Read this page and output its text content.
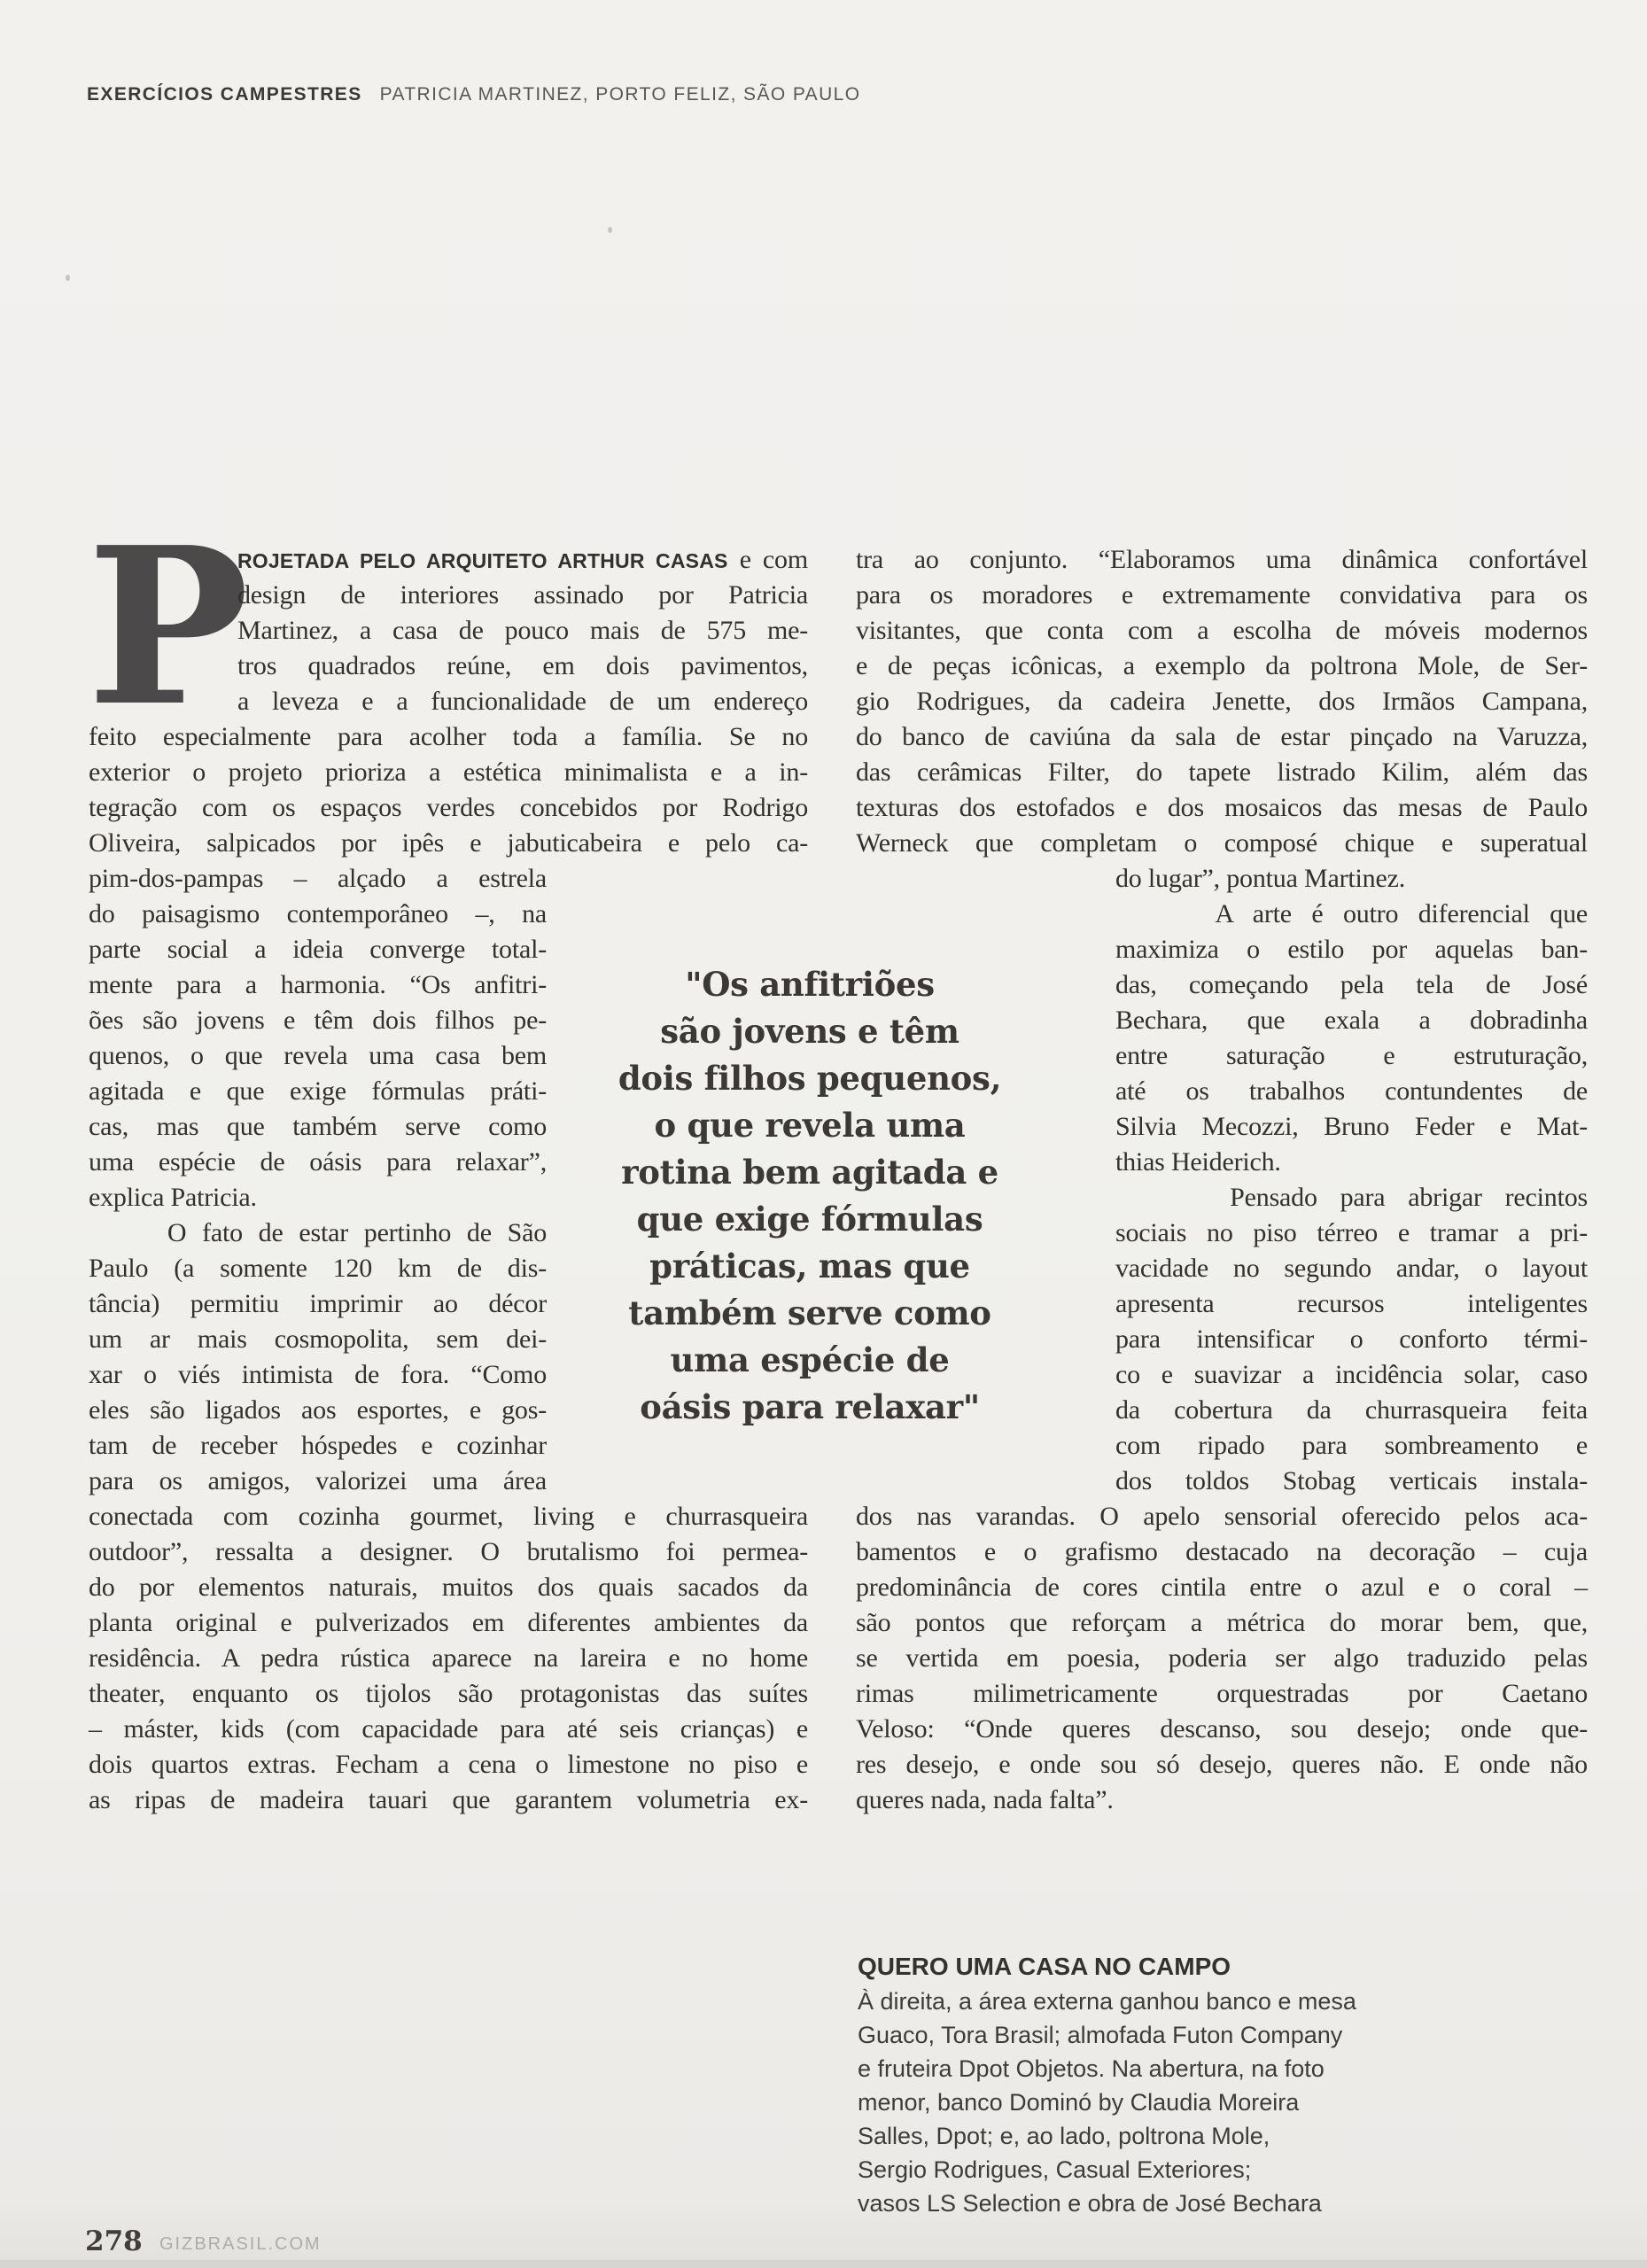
EXERCÍCIOS CAMPESTRES PATRICIA MARTINEZ, PORTO FELIZ, SÃO PAULO
P
ROJETADA PELO ARQUITETO ARTHUR CASAS e com
design de interiores assinado por Patricia
Martinez, a casa de pouco mais de 575 me-
tros quadrados reúne, em dois pavimentos,
a leveza e a funcionalidade de um endereço
feito especialmente para acolher toda a família. Se no
exterior o projeto prioriza a estética minimalista e a in-
tegração com os espaços verdes concebidos por Rodrigo
Oliveira, salpicados por ipês e jabuticabeira e pelo ca-
pim-dos-pampas – alçado a estrela
do paisagismo contemporâneo –, na
parte social a ideia converge total-
mente para a harmonia. “Os anfitri-
ões são jovens e têm dois filhos pe-
quenos, o que revela uma casa bem
agitada e que exige fórmulas práti-
cas, mas que também serve como
uma espécie de oásis para relaxar”,
explica Patricia.
O fato de estar pertinho de São
Paulo (a somente 120 km de dis-
tância) permitiu imprimir ao décor
um ar mais cosmopolita, sem dei-
xar o viés intimista de fora. “Como
eles são ligados aos esportes, e gos-
tam de receber hóspedes e cozinhar
para os amigos, valorizei uma área
conectada com cozinha gourmet, living e churrasqueira
outdoor”, ressalta a designer. O brutalismo foi permea-
do por elementos naturais, muitos dos quais sacados da
planta original e pulverizados em diferentes ambientes da
residência. A pedra rústica aparece na lareira e no home
theater, enquanto os tijolos são protagonistas das suítes
– máster, kids (com capacidade para até seis crianças) e
dois quartos extras. Fecham a cena o limestone no piso e
as ripas de madeira tauari que garantem volumetria ex-
"Os anfitriões
são jovens e têm
dois filhos pequenos,
o que revela uma
rotina bem agitada e
que exige fórmulas
práticas, mas que
também serve como
uma espécie de
oásis para relaxar"
tra ao conjunto. “Elaboramos uma dinâmica confortável
para os moradores e extremamente convidativa para os
visitantes, que conta com a escolha de móveis modernos
e de peças icônicas, a exemplo da poltrona Mole, de Ser-
gio Rodrigues, da cadeira Jenette, dos Irmãos Campana,
do banco de caviúna da sala de estar pinçado na Varuzza,
das cerâmicas Filter, do tapete listrado Kilim, além das
texturas dos estofados e dos mosaicos das mesas de Paulo
Werneck que completam o composé chique e superatual
do lugar”, pontua Martinez.
A arte é outro diferencial que
maximiza o estilo por aquelas ban-
das, começando pela tela de José
Bechara, que exala a dobradinha
entre saturação e estruturação,
até os trabalhos contundentes de
Silvia Mecozzi, Bruno Feder e Mat-
thias Heiderich.
Pensado para abrigar recintos
sociais no piso térreo e tramar a pri-
vacidade no segundo andar, o layout
apresenta recursos inteligentes
para intensificar o conforto térmi-
co e suavizar a incidência solar, caso
da cobertura da churrasqueira feita
com ripado para sombreamento e
dos toldos Stobag verticais instala-
dos nas varandas. O apelo sensorial oferecido pelos aca-
bamentos e o grafismo destacado na decoração – cuja
predominância de cores cintila entre o azul e o coral –
são pontos que reforçam a métrica do morar bem, que,
se vertida em poesia, poderia ser algo traduzido pelas
rimas milimetricamente orquestradas por Caetano
Veloso: “Onde queres descanso, sou desejo; onde que-
res desejo, e onde sou só desejo, queres não. E onde não
queres nada, nada falta”.
QUERO UMA CASA NO CAMPO
À direita, a área externa ganhou banco e mesa
Guaco, Tora Brasil; almofada Futon Company
e fruteira Dpot Objetos. Na abertura, na foto
menor, banco Dominó by Claudia Moreira
Salles, Dpot; e, ao lado, poltrona Mole,
Sergio Rodrigues, Casual Exteriores;
vasos LS Selection e obra de José Bechara
278 GIZBRASIL.COM
